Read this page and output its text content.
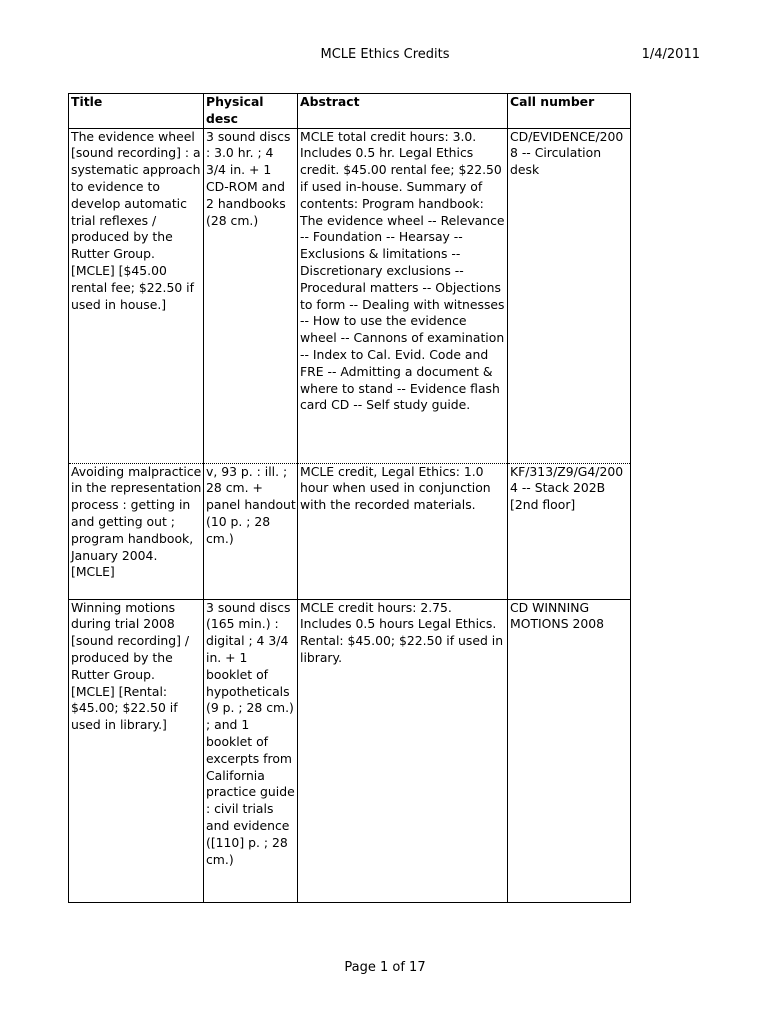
MCLE Ethics Credits	1/4/2011
Title	Physical desc	Abstract	Call number
The evidence wheel [sound recording] : a systematic approach to evidence to develop automatic trial reflexes / produced by the Rutter Group. [MCLE] [$45.00 rental fee; $22.50 if used in house.]	3 sound discs : 3.0 hr. ; 4 3/4 in. + 1 CD-ROM and 2 handbooks (28 cm.)	MCLE total credit hours: 3.0. Includes 0.5 hr. Legal Ethics credit. $45.00 rental fee; $22.50 if used in-house. Summary of contents: Program handbook: The evidence wheel -- Relevance -- Foundation -- Hearsay -- Exclusions & limitations -- Discretionary exclusions -- Procedural matters -- Objections to form -- Dealing with witnesses -- How to use the evidence wheel -- Cannons of examination -- Index to Cal. Evid. Code and FRE -- Admitting a document & where to stand -- Evidence flash card CD -- Self study guide.	CD/EVIDENCE/2008 -- Circulation desk
Avoiding malpractice in the representation process : getting in and getting out ; program handbook, January 2004. [MCLE]	v, 93 p. : ill. ; 28 cm. + panel handout (10 p. ; 28 cm.)	MCLE credit, Legal Ethics: 1.0 hour when used in conjunction with the recorded materials.	KF/313/Z9/G4/2004 -- Stack 202B [2nd floor]
Winning motions during trial 2008 [sound recording] / produced by the Rutter Group. [MCLE] [Rental: $45.00; $22.50 if used in library.]	3 sound discs (165 min.) : digital ; 4 3/4 in. + 1 booklet of hypotheticals (9 p. ; 28 cm.) ; and 1 booklet of excerpts from California practice guide : civil trials and evidence ([110] p. ; 28 cm.)	MCLE credit hours: 2.75. Includes 0.5 hours Legal Ethics. Rental: $45.00; $22.50 if used in library.	CD WINNING MOTIONS 2008
Page 1 of 17
